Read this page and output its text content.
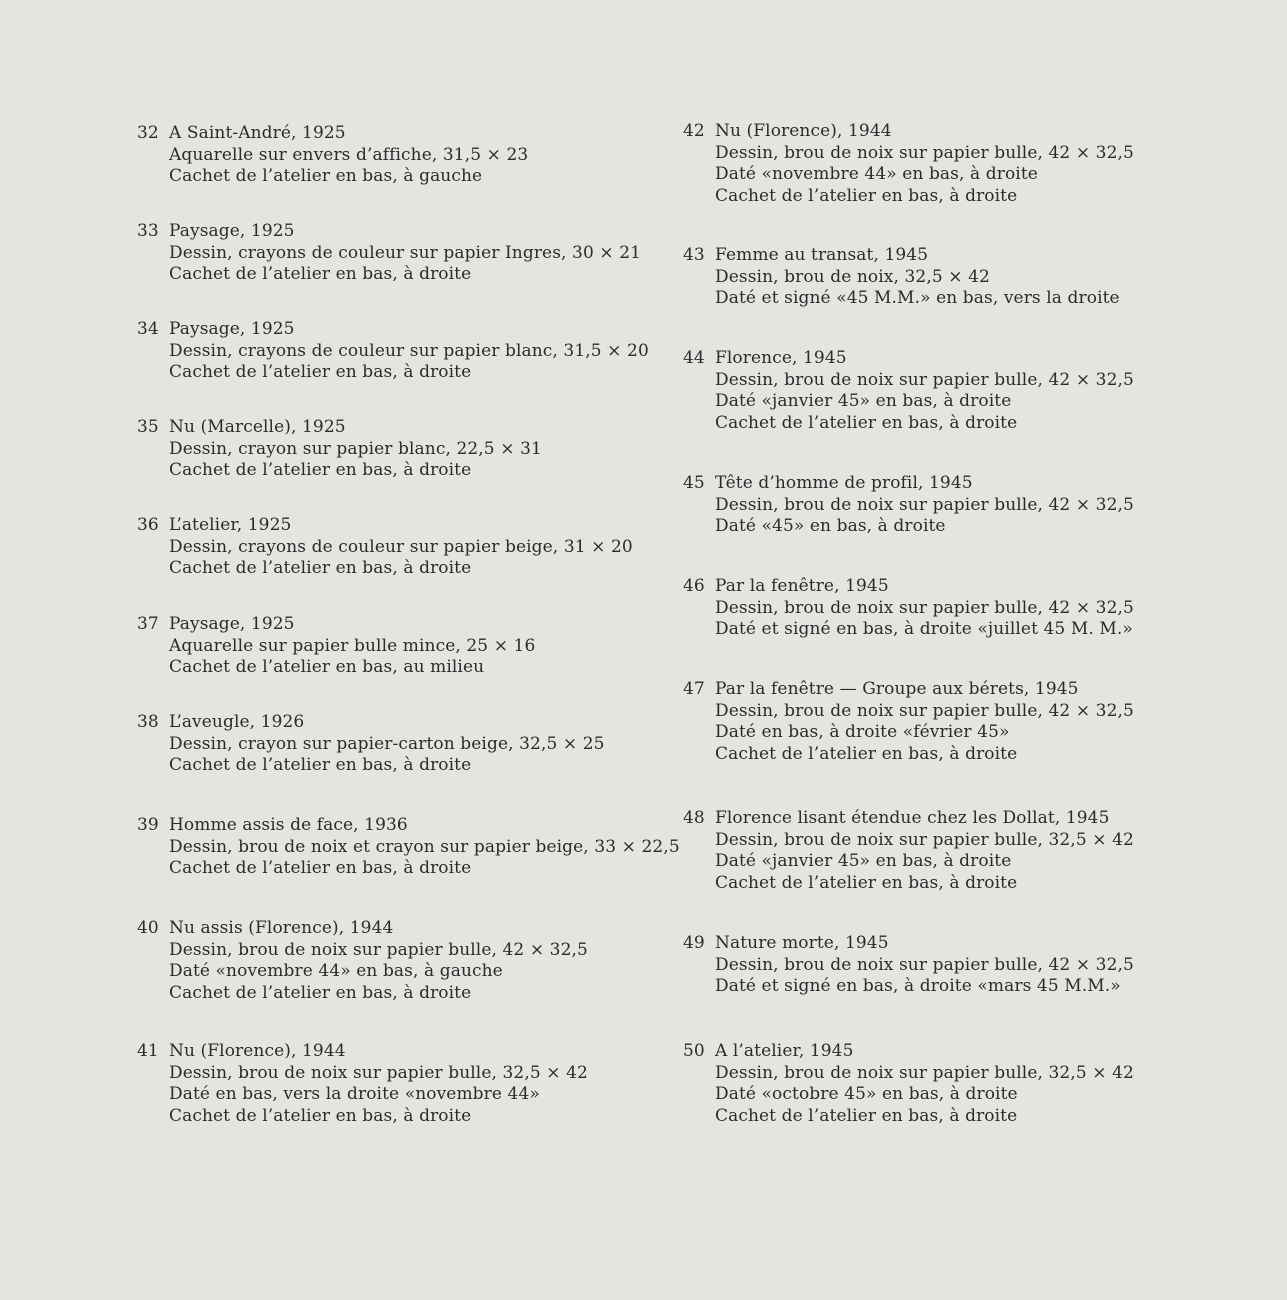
32 A Saint-André, 1925
Aquarelle sur envers d’affiche, 31,5 × 23
Cachet de l’atelier en bas, à gauche
33 Paysage, 1925
Dessin, crayons de couleur sur papier Ingres, 30 × 21
Cachet de l’atelier en bas, à droite
34 Paysage, 1925
Dessin, crayons de couleur sur papier blanc, 31,5 × 20
Cachet de l’atelier en bas, à droite
35 Nu (Marcelle), 1925
Dessin, crayon sur papier blanc, 22,5 × 31
Cachet de l’atelier en bas, à droite
36 L’atelier, 1925
Dessin, crayons de couleur sur papier beige, 31 × 20
Cachet de l’atelier en bas, à droite
37 Paysage, 1925
Aquarelle sur papier bulle mince, 25 × 16
Cachet de l’atelier en bas, au milieu
38 L’aveugle, 1926
Dessin, crayon sur papier-carton beige, 32,5 × 25
Cachet de l’atelier en bas, à droite
39 Homme assis de face, 1936
Dessin, brou de noix et crayon sur papier beige, 33 × 22,5
Cachet de l’atelier en bas, à droite
40 Nu assis (Florence), 1944
Dessin, brou de noix sur papier bulle, 42 × 32,5
Daté «novembre 44» en bas, à gauche
Cachet de l’atelier en bas, à droite
41 Nu (Florence), 1944
Dessin, brou de noix sur papier bulle, 32,5 × 42
Daté en bas, vers la droite «novembre 44»
Cachet de l’atelier en bas, à droite
42 Nu (Florence), 1944
Dessin, brou de noix sur papier bulle, 42 × 32,5
Daté «novembre 44» en bas, à droite
Cachet de l’atelier en bas, à droite
43 Femme au transat, 1945
Dessin, brou de noix, 32,5 × 42
Daté et signé «45 M.M.» en bas, vers la droite
44 Florence, 1945
Dessin, brou de noix sur papier bulle, 42 × 32,5
Daté «janvier 45» en bas, à droite
Cachet de l’atelier en bas, à droite
45 Tête d’homme de profil, 1945
Dessin, brou de noix sur papier bulle, 42 × 32,5
Daté «45» en bas, à droite
46 Par la fenêtre, 1945
Dessin, brou de noix sur papier bulle, 42 × 32,5
Daté et signé en bas, à droite «juillet 45 M. M.»
47 Par la fenêtre — Groupe aux bérets, 1945
Dessin, brou de noix sur papier bulle, 42 × 32,5
Daté en bas, à droite «février 45»
Cachet de l’atelier en bas, à droite
48 Florence lisant étendue chez les Dollat, 1945
Dessin, brou de noix sur papier bulle, 32,5 × 42
Daté «janvier 45» en bas, à droite
Cachet de l’atelier en bas, à droite
49 Nature morte, 1945
Dessin, brou de noix sur papier bulle, 42 × 32,5
Daté et signé en bas, à droite «mars 45 M.M.»
50 A l’atelier, 1945
Dessin, brou de noix sur papier bulle, 32,5 × 42
Daté «octobre 45» en bas, à droite
Cachet de l’atelier en bas, à droite
